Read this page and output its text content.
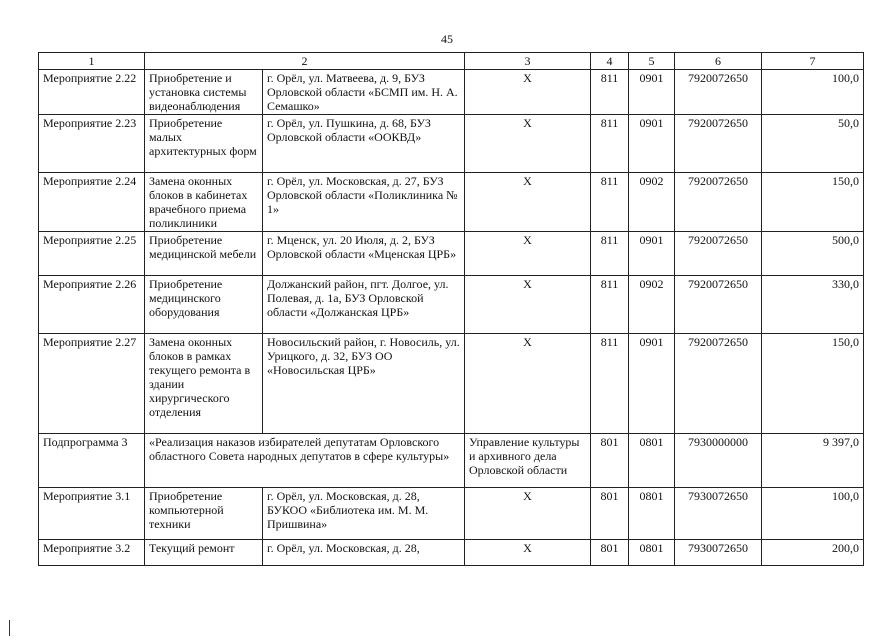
45
1	2		3	4	5	6	7
Мероприятие 2.22	Приобретение и установка системы видеонаблюдения	г. Орёл, ул. Матвеева, д. 9, БУЗ Орловской области «БСМП им. Н. А. Семашко»	Х	811	0901	7920072650	100,0
Мероприятие 2.23	Приобретение малых архитектурных форм	г. Орёл, ул. Пушкина, д. 68, БУЗ Орловской области «ООКВД»	Х	811	0901	7920072650	50,0
Мероприятие 2.24	Замена оконных блоков в кабинетах врачебного приема поликлиники	г. Орёл, ул. Московская, д. 27, БУЗ Орловской области «Поликлиника № 1»	Х	811	0902	7920072650	150,0
Мероприятие 2.25	Приобретение медицинской мебели	г. Мценск, ул. 20 Июля, д. 2, БУЗ Орловской области «Мценская ЦРБ»	Х	811	0901	7920072650	500,0
Мероприятие 2.26	Приобретение медицинского оборудования	Должанский район, пгт. Долгое, ул. Полевая, д. 1а, БУЗ Орловской области «Должанская ЦРБ»	Х	811	0902	7920072650	330,0
Мероприятие 2.27	Замена оконных блоков в рамках текущего ремонта в здании хирургического отделения	Новосильский район, г. Новосиль, ул. Урицкого, д. 32, БУЗ ОО «Новосильская ЦРБ»	Х	811	0901	7920072650	150,0
Подпрограмма 3	«Реализация наказов избирателей депутатам Орловского областного Совета народных депутатов в сфере культуры»		Управление культуры и архивного дела Орловской области	801	0801	7930000000	9 397,0
Мероприятие 3.1	Приобретение компьютерной техники	г. Орёл, ул. Московская, д. 28, БУКОО «Библиотека им. М. М. Пришвина»	Х	801	0801	7930072650	100,0
Мероприятие 3.2	Текущий ремонт	г. Орёл, ул. Московская, д. 28,	Х	801	0801	7930072650	200,0
